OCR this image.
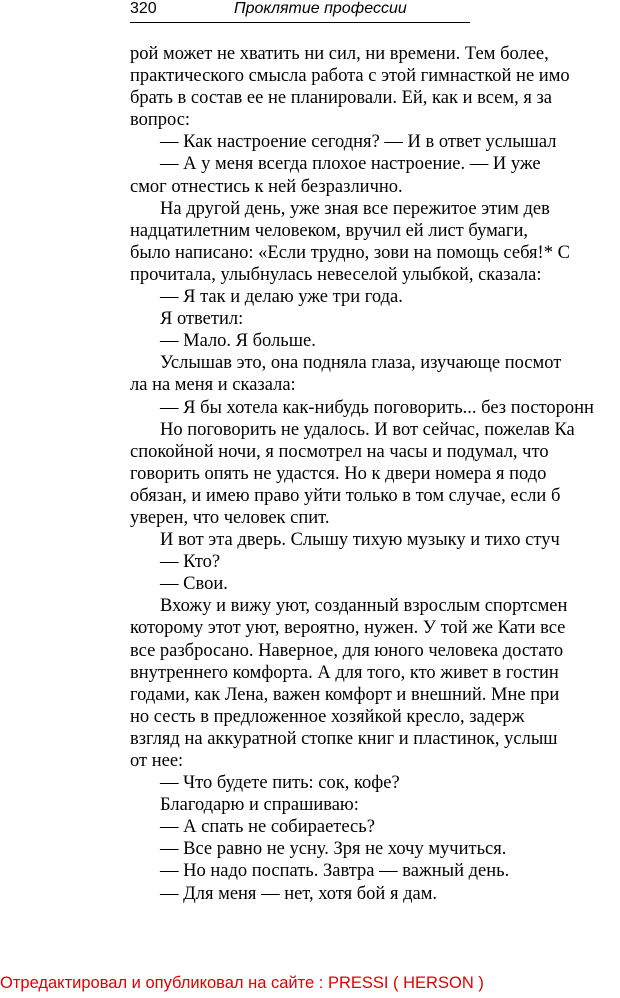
320	Проклятие профессии
рой может не хватить ни сил, ни времени. Тем более,
практического смысла работа с этой гимнасткой не имо
брать в состав ее не планировали. Ей, как и всем, я за
вопрос:
— Как настроение сегодня? — И в ответ услышал
— А у меня всегда плохое настроение. — И уже
смог отнестись к ней безразлично.
На другой день, уже зная все пережитое этим дев
надцатилетним человеком, вручил ей лист бумаги,
было написано: «Если трудно, зови на помощь себя!* С
прочитала, улыбнулась невеселой улыбкой, сказала:
— Я так и делаю уже три года.
Я ответил:
— Мало. Я больше.
Услышав это, она подняла глаза, изучающе посмот
ла на меня и сказала:
— Я бы хотела как-нибудь поговорить... без посторонн
Но поговорить не удалось. И вот сейчас, пожелав Ка
спокойной ночи, я посмотрел на часы и подумал, что
говорить опять не удастся. Но к двери номера я подо
обязан, и имею право уйти только в том случае, если б
уверен, что человек спит.
И вот эта дверь. Слышу тихую музыку и тихо стуч
— Кто?
— Свои.
Вхожу и вижу уют, созданный взрослым спортсмен
которому этот уют, вероятно, нужен. У той же Кати все
все разбросано. Наверное, для юного человека достато
внутреннего комфорта. А для того, кто живет в гостин
годами, как Лена, важен комфорт и внешний. Мне при
но сесть в предложенное хозяйкой кресло, задерж
взгляд на аккуратной стопке книг и пластинок, услыш
от нее:
— Что будете пить: сок, кофе?
Благодарю и спрашиваю:
— А спать не собираетесь?
— Все равно не усну. Зря не хочу мучиться.
— Но надо поспать. Завтра — важный день.
— Для меня — нет, хотя бой я дам.
Отредактировал и опубликовал на сайте : PRESSI ( HERSON )
